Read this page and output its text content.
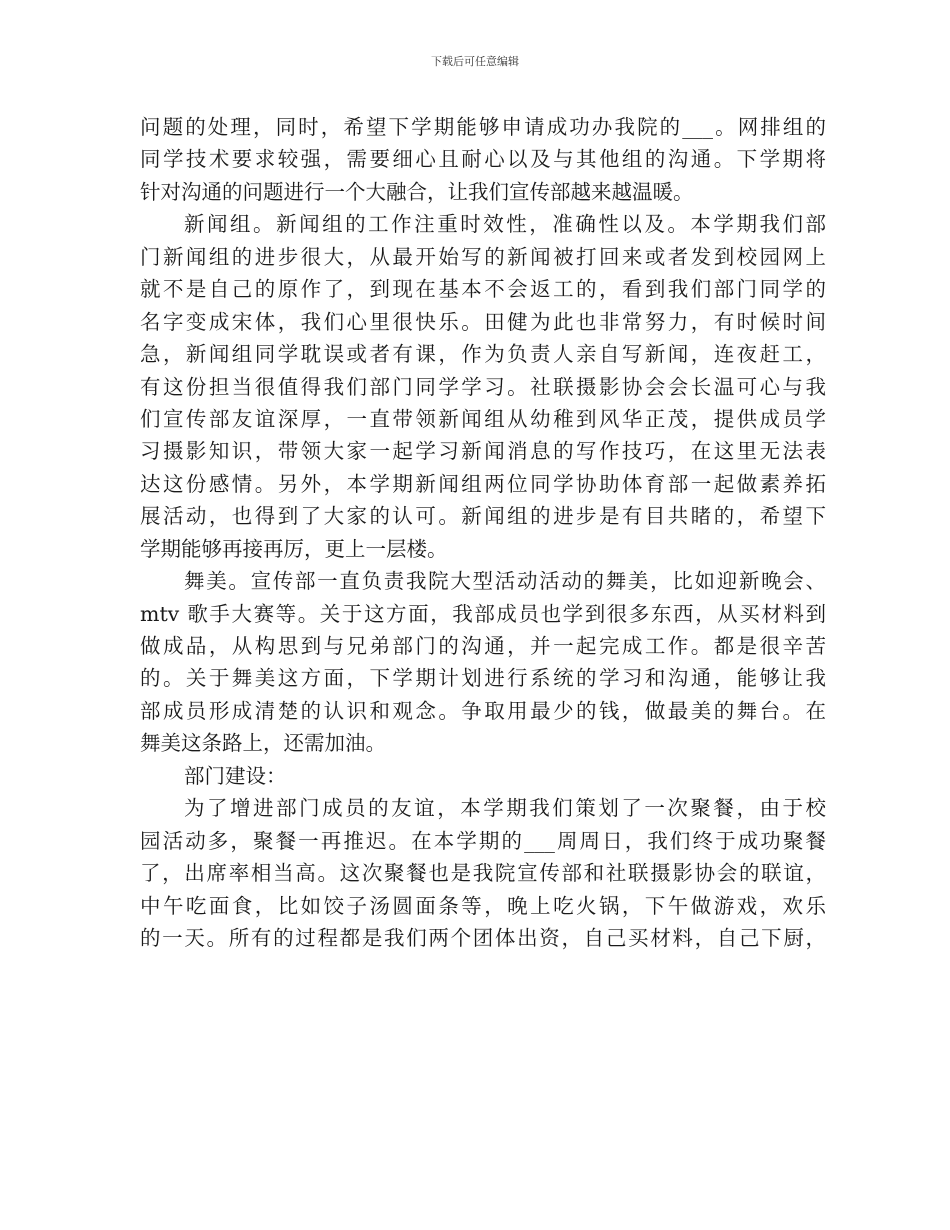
下载后可任意编辑
问题的处理，同时，希望下学期能够申请成功办我院的___。网排组的
同学技术要求较强，需要细心且耐心以及与其他组的沟通。下学期将
针对沟通的问题进行一个大融合，让我们宣传部越来越温暖。
新闻组。新闻组的工作注重时效性，准确性以及。本学期我们部
门新闻组的进步很大，从最开始写的新闻被打回来或者发到校园网上
就不是自己的原作了，到现在基本不会返工的，看到我们部门同学的
名字变成宋体，我们心里很快乐。田健为此也非常努力，有时候时间
急，新闻组同学耽误或者有课，作为负责人亲自写新闻，连夜赶工，
有这份担当很值得我们部门同学学习。社联摄影协会会长温可心与我
们宣传部友谊深厚，一直带领新闻组从幼稚到风华正茂，提供成员学
习摄影知识，带领大家一起学习新闻消息的写作技巧，在这里无法表
达这份感情。另外，本学期新闻组两位同学协助体育部一起做素养拓
展活动，也得到了大家的认可。新闻组的进步是有目共睹的，希望下
学期能够再接再厉，更上一层楼。
舞美。宣传部一直负责我院大型活动活动的舞美，比如迎新晚会、
mtv 歌手大赛等。关于这方面，我部成员也学到很多东西，从买材料到
做成品，从构思到与兄弟部门的沟通，并一起完成工作。都是很辛苦
的。关于舞美这方面，下学期计划进行系统的学习和沟通，能够让我
部成员形成清楚的认识和观念。争取用最少的钱，做最美的舞台。在
舞美这条路上，还需加油。
部门建设：
为了增进部门成员的友谊，本学期我们策划了一次聚餐，由于校
园活动多，聚餐一再推迟。在本学期的___周周日，我们终于成功聚餐
了，出席率相当高。这次聚餐也是我院宣传部和社联摄影协会的联谊，
中午吃面食，比如饺子汤圆面条等，晚上吃火锅，下午做游戏，欢乐
的一天。所有的过程都是我们两个团体出资，自己买材料，自己下厨，
